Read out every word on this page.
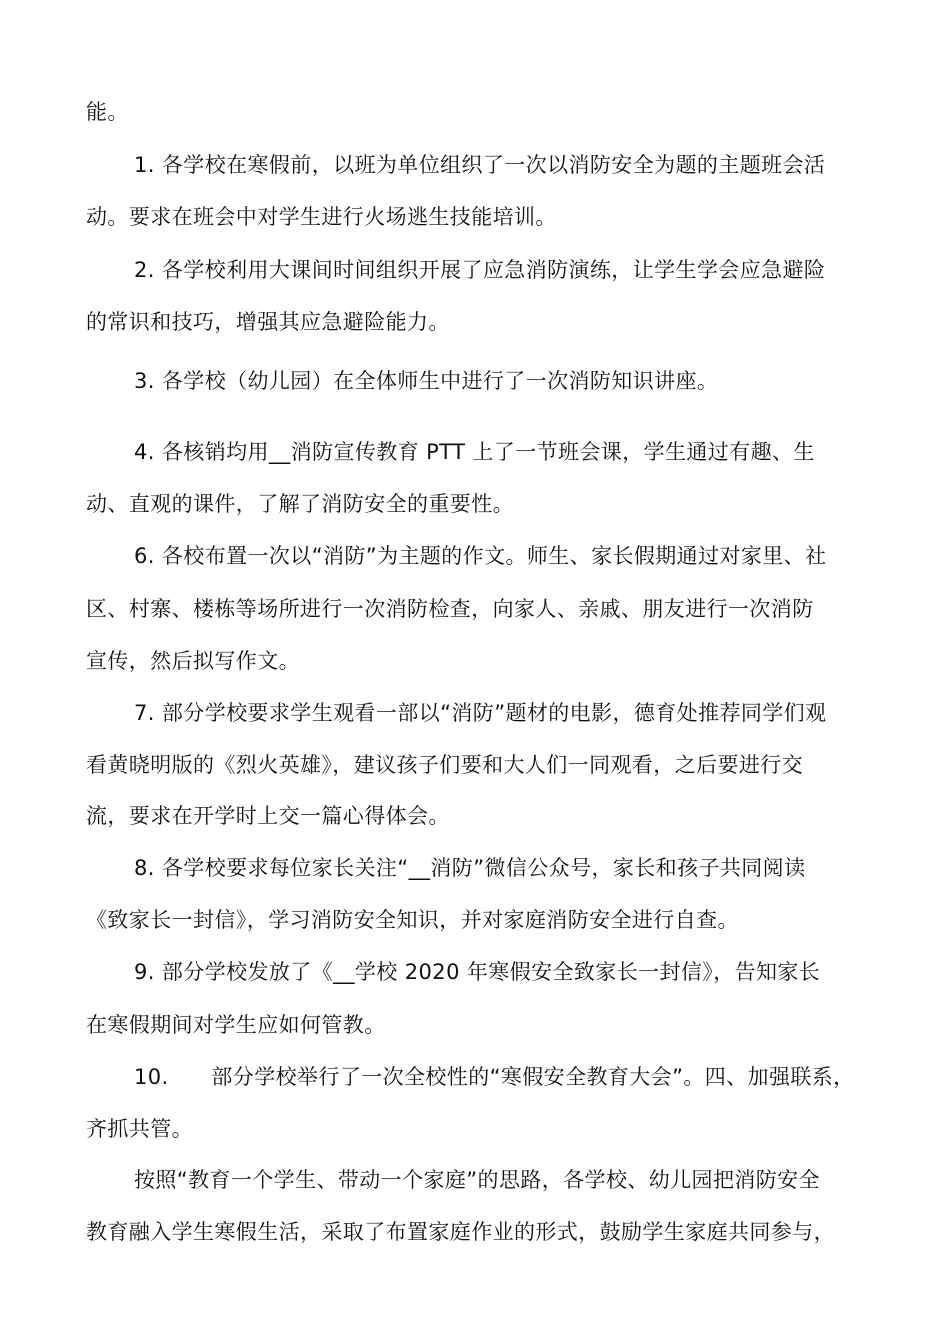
能。
1. 各学校在寒假前，以班为单位组织了一次以消防安全为题的主题班会活
动。要求在班会中对学生进行火场逃生技能培训。
2. 各学校利用大课间时间组织开展了应急消防演练，让学生学会应急避险
的常识和技巧，增强其应急避险能力。
3. 各学校（幼儿园）在全体师生中进行了一次消防知识讲座。
4. 各核销均用__消防宣传教育 PTT 上了一节班会课，学生通过有趣、生
动、直观的课件，了解了消防安全的重要性。
6. 各校布置一次以“消防”为主题的作文。师生、家长假期通过对家里、社
区、村寨、楼栋等场所进行一次消防检查，向家人、亲戚、朋友进行一次消防
宣传，然后拟写作文。
7. 部分学校要求学生观看一部以“消防”题材的电影，德育处推荐同学们观
看黄晓明版的《烈火英雄》，建议孩子们要和大人们一同观看，之后要进行交
流，要求在开学时上交一篇心得体会。
8. 各学校要求每位家长关注“__消防”微信公众号，家长和孩子共同阅读
《致家长一封信》，学习消防安全知识，并对家庭消防安全进行自查。
9. 部分学校发放了《__学校 2020 年寒假安全致家长一封信》，告知家长
在寒假期间对学生应如何管教。
10.　　部分学校举行了一次全校性的“寒假安全教育大会”。四、加强联系，
齐抓共管。
按照“教育一个学生、带动一个家庭”的思路，各学校、幼儿园把消防安全
教育融入学生寒假生活，采取了布置家庭作业的形式，鼓励学生家庭共同参与，
